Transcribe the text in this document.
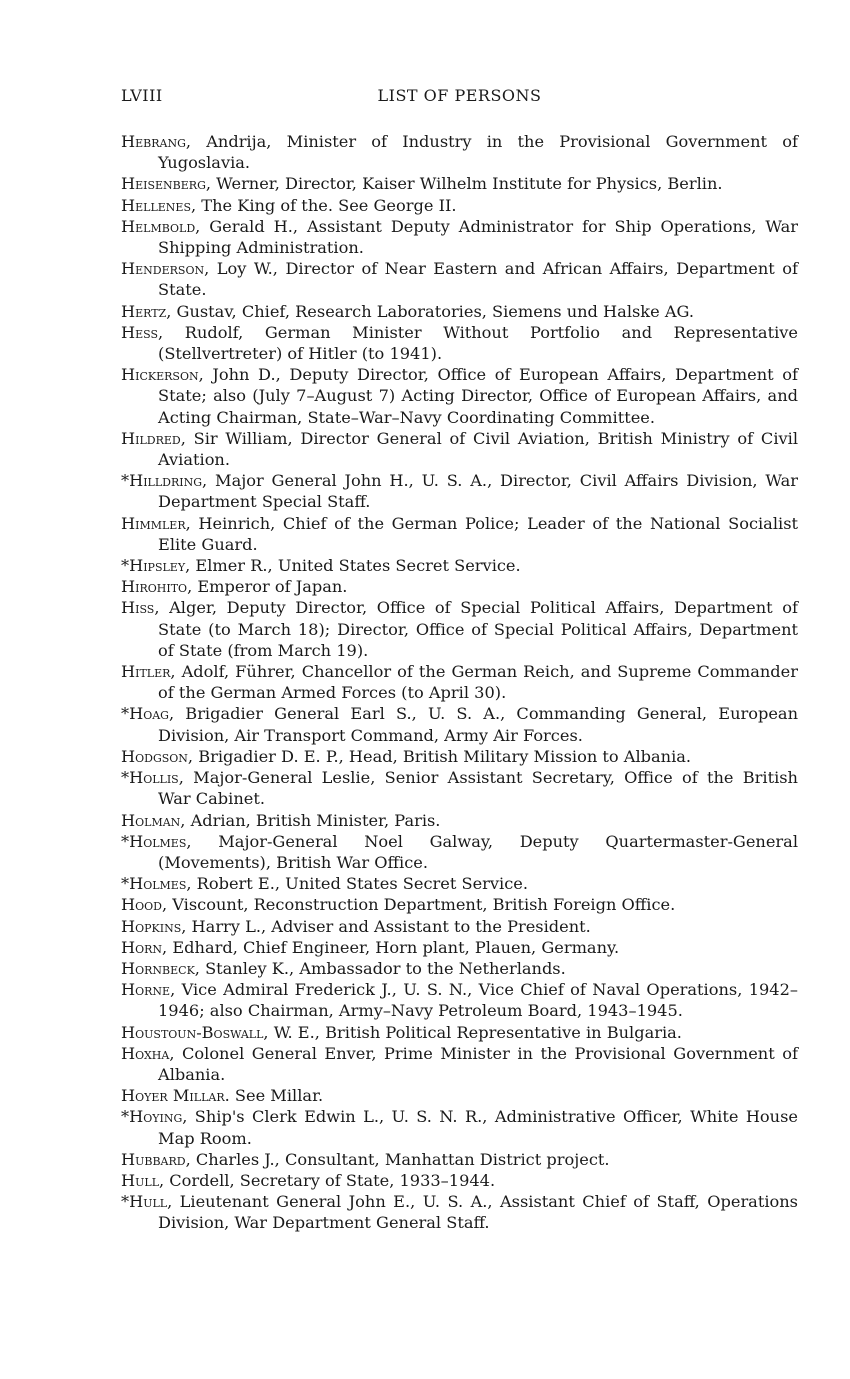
LVIII	LIST OF PERSONS

Hebrang, Andrija, Minister of Industry in the Provisional Government of Yugoslavia.

Heisenberg, Werner, Director, Kaiser Wilhelm Institute for Physics, Berlin.

Hellenes, The King of the. See George II.

Helmbold, Gerald H., Assistant Deputy Administrator for Ship Operations, War Shipping Administration.

Henderson, Loy W., Director of Near Eastern and African Affairs, Department of State.

Hertz, Gustav, Chief, Research Laboratories, Siemens und Halske AG.

Hess, Rudolf, German Minister Without Portfolio and Representative (Stellvertreter) of Hitler (to 1941).

Hickerson, John D., Deputy Director, Office of European Affairs, Department of State; also (July 7–August 7) Acting Director, Office of European Affairs, and Acting Chairman, State–War–Navy Coordinating Committee.

Hildred, Sir William, Director General of Civil Aviation, British Ministry of Civil Aviation.

*Hilldring, Major General John H., U. S. A., Director, Civil Affairs Division, War Department Special Staff.

Himmler, Heinrich, Chief of the German Police; Leader of the National Socialist Elite Guard.

*Hipsley, Elmer R., United States Secret Service.

Hirohito, Emperor of Japan.

Hiss, Alger, Deputy Director, Office of Special Political Affairs, Department of State (to March 18); Director, Office of Special Political Affairs, Department of State (from March 19).

Hitler, Adolf, Führer, Chancellor of the German Reich, and Supreme Commander of the German Armed Forces (to April 30).

*Hoag, Brigadier General Earl S., U. S. A., Commanding General, European Division, Air Transport Command, Army Air Forces.

Hodgson, Brigadier D. E. P., Head, British Military Mission to Albania.

*Hollis, Major-General Leslie, Senior Assistant Secretary, Office of the British War Cabinet.

Holman, Adrian, British Minister, Paris.

*Holmes, Major-General Noel Galway, Deputy Quartermaster-General (Movements), British War Office.

*Holmes, Robert E., United States Secret Service.

Hood, Viscount, Reconstruction Department, British Foreign Office.

Hopkins, Harry L., Adviser and Assistant to the President.

Horn, Edhard, Chief Engineer, Horn plant, Plauen, Germany.

Hornbeck, Stanley K., Ambassador to the Netherlands.

Horne, Vice Admiral Frederick J., U. S. N., Vice Chief of Naval Operations, 1942–1946; also Chairman, Army–Navy Petroleum Board, 1943–1945.

Houstoun-Boswall, W. E., British Political Representative in Bulgaria.

Hoxha, Colonel General Enver, Prime Minister in the Provisional Government of Albania.

Hoyer Millar. See Millar.

*Hoying, Ship's Clerk Edwin L., U. S. N. R., Administrative Officer, White House Map Room.

Hubbard, Charles J., Consultant, Manhattan District project.

Hull, Cordell, Secretary of State, 1933–1944.

*Hull, Lieutenant General John E., U. S. A., Assistant Chief of Staff, Operations Division, War Department General Staff.
